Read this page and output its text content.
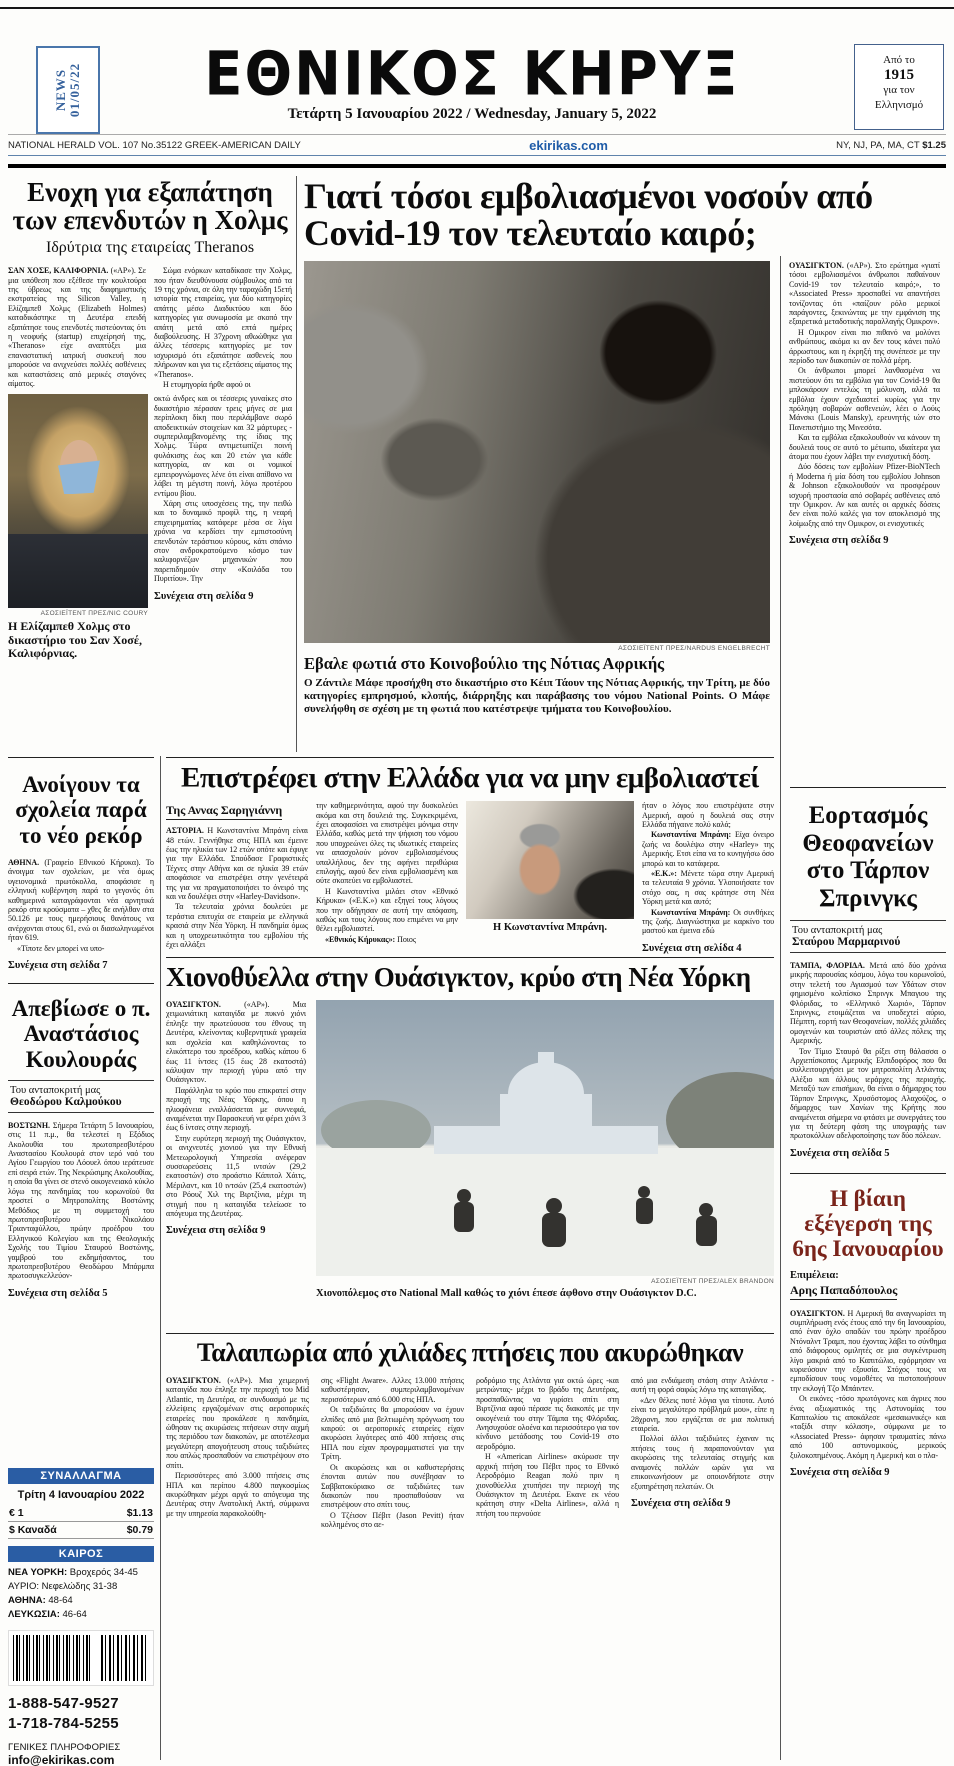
NEWS 01/05/22	ΕΘΝΙΚΟΣ ΚΗΡΥΞ
Τετάρτη 5 Ιανουαρίου 2022 / Wednesday, January 5, 2022
Από το
1915
για τον
Ελληνισμό
NATIONAL HERALD VOL. 107 No.35122 GREEK-AMERICAN DAILY	ekirikas.com	NY, NJ, PA, MA, CT $1.25
Ενοχη για εξαπάτηση των επενδυτών η Χολμς
Ιδρύτρια της εταιρείας Theranos

ΣΑΝ ΧΟΣΕ, ΚΑΛΙΦΟΡΝΙΑ. («ΑΡ»). Σε μια υπόθεση που εξέθεσε την κουλτούρα της ύβρεως και της διαφημιστικής εκστρατείας της Silicon Valley, η Ελίζαμπεθ Χολμς (Elizabeth Holmes) καταδικάστηκε τη Δευτέρα επειδή εξαπάτησε τους επενδυτές πιστεύοντας ότι η νεοφυής (startup) επιχείρησή της, «Theranos» είχε αναπτύξει μια επαναστατική ιατρική συσκευή που μπορούσε να ανιχνεύσει πολλές ασθένειες και καταστάσεις από μερικές σταγόνες αίματος.

Σώμα ενόρκων καταδίκασε την Χολμς, που ήταν διευθύνουσα σύμβουλος από τα 19 της χρόνια, σε όλη την ταραχώδη 15ετή ιστορία της εταιρείας, για δύο κατηγορίες απάτης μέσω Διαδικτύου και δύο κατηγορίες για συνωμοσία με σκοπό την απάτη μετά από επτά ημέρες διαβούλευσης. Η 37χρονη αθωώθηκε για άλλες τέσσερις κατηγορίες με τον ισχυρισμό ότι εξαπάτησε ασθενείς που πλήρωναν και για τις εξετάσεις αίματος της «Theranos».

Η ετυμηγορία ήρθε αφού οι

ΑΣΟΣΙΕΪΤΕΝΤ ΠΡΕΣ/NIC COURY
Η Ελίζαμπεθ Χολμς στο δικαστήριο του Σαν Χοσέ, Καλιφόρνιας.

οκτώ άνδρες και οι τέσσερις γυναίκες στο δικαστήριο πέρασαν τρεις μήνες σε μια περίπλοκη δίκη που περιλάμβανε σωρό αποδεικτικών στοιχείων και 32 μάρτυρες - συμπεριλαμβανομένης της ίδιας της Χολμς. Τώρα αντιμετωπίζει ποινή φυλάκισης έως και 20 ετών για κάθε κατηγορία, αν και οι νομικοί εμπειρογνώμονες λένε ότι είναι απίθανο να λάβει τη μέγιστη ποινή, λόγω προτέρου εντίμου βίου.

Χάρη στις υποσχέσεις της, την πειθώ και το δυναμικό προφίλ της, η νεαρή επιχειρηματίας κατάφερε μέσα σε λίγα χρόνια να κερδίσει την εμπιστοσύνη επενδυτών τεράστιου κύρους, κάτι σπάνιο στον ανδροκρατούμενο κόσμο των καλιφορνέζων μηχανικών που παρεπιδημούν στην «Κοιλάδα του Πυριτίου». Την

Συνέχεια στη σελίδα 9
Γιατί τόσοι εμβολιασμένοι νοσούν από Covid-19 τον τελευταίο καιρό;
ΑΣΟΣΙΕΪΤΕΝΤ ΠΡΕΣ/NARDUS ENGELBRECHT
Εβαλε φωτιά στο Κοινοβούλιο της Νότιας Αφρικής
Ο Ζάντιλε Μάφε προσήχθη στο δικαστήριο στο Κέιπ Τάουν της Νότιας Αφρικής, την Τρίτη, με δύο κατηγορίες εμπρησμού, κλοπής, διάρρηξης και παράβασης του νόμου National Points. Ο Μάφε συνελήφθη σε σχέση με τη φωτιά που κατέστρεψε τμήματα του Κοινοβουλίου.

ΟΥΑΣΙΓΚΤΟΝ. («ΑΡ»). Στο ερώτημα «γιατί τόσοι εμβολιασμένοι άνθρωποι παθαίνουν Covid-19 τον τελευταίο καιρό;», το «Associated Press» προσπαθεί να απαντήσει τονίζοντας ότι «παίζουν ρόλο μερικοί παράγοντες, ξεκινώντας με την εμφάνιση της εξαιρετικά μεταδοτικής παραλλαγής Ομικρον».

Η Ομικρον είναι πιο πιθανό να μολύνει ανθρώπους, ακόμα κι αν δεν τους κάνει πολύ άρρωστους, και η έκρηξή της συνέπεσε με την περίοδο των διακοπών σε πολλά μέρη.

Οι άνθρωποι μπορεί λανθασμένα να πιστεύουν ότι τα εμβόλια για τον Covid-19 θα μπλοκάρουν εντελώς τη μόλυνση, αλλά τα εμβόλια έχουν σχεδιαστεί κυρίως για την πρόληψη σοβαρών ασθενειών, λέει ο Λούις Μάνσκι (Louis Mansky), ερευνητής ιών στο Πανεπιστήμιο της Μινεσότα.

Και τα εμβόλια εξακολουθούν να κάνουν τη δουλειά τους σε αυτό το μέτωπο, ιδιαίτερα για άτομα που έχουν λάβει την ενισχυτική δόση.

Δύο δόσεις των εμβολίων Pfizer-BioNTech ή Moderna ή μία δόση του εμβολίου Johnson & Johnson εξακολουθούν να προσφέρουν ισχυρή προστασία από σοβαρές ασθένειες από την Ομικρον. Αν και αυτές οι αρχικές δόσεις δεν είναι πολύ καλές για τον αποκλεισμό της λοίμωξης από την Ομικρον, οι ενισχυτικές

Συνέχεια στη σελίδα 9
Επιστρέφει στην Ελλάδα για να μην εμβολιαστεί
Της Αννας Σαρηγιάννη

ΑΣΤΟΡΙΑ. Η Κωνσταντίνα Μπράνη είναι 48 ετών. Γεννήθηκε στις ΗΠΑ και έμεινε έως την ηλικία των 12 ετών οπότε και έφυγε για την Ελλάδα. Σπούδασε Γραφιστικές Τέχνες στην Αθήνα και σε ηλικία 39 ετών αποφάσισε να επιστρέψει στην γενέτειρά της για να πραγματοποιήσει το όνειρό της και να δουλέψει στην «Harley-Davidson».

Τα τελευταία χρόνια δουλεύει με τεράστια επιτυχία σε εταιρεία με ελληνικά κρασιά στην Νέα Υόρκη. Η πανδημία όμως και η υποχρεωτικότητα του εμβολίου τής έχει αλλάξει

την καθημερινότητα, αφού την δυσκολεύει ακόμα και στη δουλειά της. Συγκεκριμένα, έχει αποφασίσει να επιστρέψει μόνιμα στην Ελλάδα, καθώς μετά την ψήφιση του νόμου που υποχρεώνει όλες τις ιδιωτικές εταιρείες να απασχολούν μόνον εμβολιασμένους υπαλλήλους, δεν της αφήνει περιθώρια επιλογής, αφού δεν είναι εμβολιασμένη και ούτε σκοπεύει να εμβολιαστεί.

Η Κωνσταντίνα μιλάει στον «Εθνικό Κήρυκα» («Ε.Κ.») και εξηγεί τους λόγους που την οδήγησαν σε αυτή την απόφαση, καθώς και τους λόγους που επιμένει να μην θέλει εμβολιαστεί.

«Εθνικός Κήρυκας»: Ποιος

Η Κωνσταντίνα Μπράνη.

ήταν ο λόγος που επιστρέψατε στην Αμερική, αφού η δουλειά σας στην Ελλάδα πήγαινε πολύ καλά;

Κωνσταντίνα Μπράνη: Είχα όνειρο ζωής να δουλέψω στην «Harley» της Αμερικής. Ετσι είπα να το κυνηγήσω όσο μπορώ και το κατάφερα.

«Ε.Κ.»: Μένετε τώρα στην Αμερική τα τελευταία 9 χρόνια. Υλοποιήσατε τον στόχο σας, η σας κράτησε στη Νέα Υόρκη μετά και αυτό;

Κωνσταντίνα Μπράνη: Οι συνθήκες της ζωής. Διαγνώστηκα με καρκίνο του μαστού και έμεινα εδώ

Συνέχεια στη σελίδα 4
Ανοίγουν τα σχολεία παρά το νέο ρεκόρ

ΑΘΗΝΑ. (Γραφείο Εθνικού Κήρυκα). Το άνοιγμα των σχολείων, με νέα όμως υγειονομικά πρωτόκολλα, αποφάσισε η ελληνική κυβέρνηση παρά το γεγονός ότι καθημερινά καταγράφονται νέα αρνητικά ρεκόρ στα κρούσματα – χθες δε ανήλθαν στα 50.126 με τους ημερήσιους θανάτους να ανέρχονται στους 61, ενώ οι διασωληνωμένοι ήταν 619.

«Τίποτε δεν μπορεί να υπο-

Συνέχεια στη σελίδα 7
Απεβίωσε ο π. Αναστάσιος Κουλουράς
Του ανταποκριτή μας
Θεοδώρου Καλμούκου

ΒΟΣΤΩΝΗ. Σήμερα Τετάρτη 5 Ιανουαρίου, στις 11 π.μ., θα τελεστεί η Εξόδιος Ακολουθία του πρωτοπρεσβυτέρου Αναστασίου Κουλουρά στον ιερό ναό του Αγίου Γεωργίου του Λόουελ όπου ιεράτευσε επί σειρά ετών. Της Νεκρώσιμης Ακολουθίας, η οποία θα γίνει σε στενό οικογενειακό κύκλο λόγω της πανδημίας του κορωνοϊού θα προστεί ο Μητροπολίτης Βοστώνης Μεθόδιος με τη συμμετοχή του πρωτοπρεσβυτέρου Νικολάου Τριανταφύλλου, πρώην προέδρου του Ελληνικού Κολεγίου και της Θεολογικής Σχολής του Τιμίου Σταυρού Βοστώνης, γαμβρού του εκδημήσαντος, του πρωτοπρεσβυτέρου Θεοδώρου Μπάρμπα πρωτοσυγκελλεύον-

Συνέχεια στη σελίδα 5
ΣΥΝΑΛΛΑΓΜΑ
Τρίτη 4 Ιανουαρίου 2022
€ 1	$1.13
$ Καναδά	$0.79
ΚΑΙΡΟΣ
ΝΕΑ ΥΟΡΚΗ: Βροχερός 34-45
ΑΥΡΙΟ: Νεφελώδης 31-38
ΑΘΗΝΑ: 48-64
ΛΕΥΚΩΣΙΑ: 46-64
1-888-547-9527
1-718-784-5255
ΓΕΝΙΚΕΣ ΠΛΗΡΟΦΟΡΙΕΣ
info@ekirikas.com
Εορτασμός Θεοφανείων στο Τάρπον Σπρινγκς
Του ανταποκριτή μας
Σταύρου Μαρμαρινού

ΤΑΜΠΑ, ΦΛΟΡΙΔΑ. Μετά από δύο χρόνια μικρής παρουσίας κόσμου, λόγω του κορωνοϊού, στην τελετή του Αγιασμού των Υδάτων στον φημισμένο κολπίσκο Σπρινγκ Μπαγιου της Φλόριδας, το «Ελληνικό Χωριό», Τάρπον Σπρινγκς, ετοιμάζεται να υποδεχτεί αύριο, Πέμπτη, εορτή των Θεοφανείων, πολλές χιλιάδες ομογενών και τουριστών από άλλες πόλεις της Αμερικής.

Τον Τίμιο Σταυρό θα ρίξει στη θάλασσα ο Αρχιεπίσκοπος Αμερικής Ελπιδοφόρος που θα συλλειτουργήσει με τον μητροπολίτη Ατλάντας Αλέξιο και άλλους ιεράρχες της περιοχής. Μεταξύ των επισήμων, θα είναι ο δήμαρχος του Τάρπον Σπρινγκς, Χρυσόστομος Αλαχούζος, ο δήμαρχος των Χανίων της Κρήτης που αναμένεται σήμερα να φτάσει με συνεργάτες του για τη δεύτερη φάση της υπογραφής των πρωτοκόλλων αδελφοποίησης των δύο πόλεων.

Συνέχεια στη σελίδα 5
Η βίαιη εξέγερση της 6ης Ιανουαρίου
Επιμέλεια:
Αρης Παπαδόπουλος

ΟΥΑΣΙΓΚΤΟΝ. Η Αμερική θα αναγνωρίσει τη συμπλήρωση ενός έτους από την 6η Ιανουαρίου, από έναν όχλο οπαδών του πρώην προέδρου Ντόναλντ Τραμπ, που έχοντας λάβει το σύνθημα από διάφορους ομιλητές σε μια συγκέντρωση λίγο μακριά από το Καπιτώλιο, εφόρμησαν να κυριεύσουν την εξουσία. Στόχος τους να εμποδίσουν τους νομοθέτες να πιστοποιήσουν την εκλογή Τζο Μπάιντεν.

Οι εικόνες -τόσο πρωτόγονες και άγριες που ένας αξιωματικός της Αστυνομίας του Καπιτωλίου τις αποκάλεσε «μεσαιωνικές» και «ταξίδι στην κόλαση», σύμφωνα με το «Associated Press»- άφησαν τραυματίες πάνω από 100 αστυνομικούς, μερικούς ξυλοκοπημένους. Ακόμη η Αμερική και ο πλα-

Συνέχεια στη σελίδα 9
Χιονοθύελλα στην Ουάσιγκτον, κρύο στη Νέα Υόρκη

ΟΥΑΣΙΓΚΤΟΝ.	(«ΑΡ»). Μια χειμωνιάτικη καταιγίδα με πυκνό χιόνι έπληξε την πρωτεύουσα του έθνους τη Δευτέρα, κλείνοντας κυβερνητικά γραφεία και σχολεία και καθηλώνοντας το ελικόπτερο του προέδρου, καθώς κάπου 6 έως 11 ίντσες (15 έως 28 εκατοστά) κάλυψαν την περιοχή γύρω από την Ουάσιγκτον.

Παράλληλα το κρύο που επικρατεί στην περιοχή της Νέας Υόρκης, όπου η ηλιοφάνεια εναλλάσσεται με συννεφιά, αναμένεται την Παρασκευή να φέρει χιόνι 3 έως 6 ίντσες στην περιοχή.

Στην ευρύτερη περιοχή της Ουάσιγκτον, οι ανιχνευτές χιονιού για την Εθνική Μετεωρολογική Υπηρεσία ανέφεραν συσσωρεύσεις 11,5 ιντσών (29,2 εκατοστών) στο προάστιο Κάπιτολ Χάιτς, Μέριλαντ, και 10 ιντσών (25,4 εκατοστών) στο Ρόουζ Χιλ της Βιρτζίνια, μέχρι τη στιγμή που η καταιγίδα τελείωσε το απόγευμα της Δευτέρας.

Συνέχεια στη σελίδα 9
ΑΣΟΣΙΕΪΤΕΝΤ ΠΡΕΣ/ALEX BRANDON
Χιονοπόλεμος στο National Mall καθώς το χιόνι έπεσε άφθονο στην Ουάσιγκτον D.C.
Ταλαιπωρία από χιλιάδες πτήσεις που ακυρώθηκαν

ΟΥΑΣΙΓΚΤΟΝ. («ΑΡ»). Μια χειμερινή καταιγίδα που έπληξε την περιοχή του Mid Atlantic, τη Δευτέρα, σε συνδυασμό με τις ελλείψεις εργαζομένων στις αεροπορικές εταιρείες που προκάλεσε η πανδημία, ώθησαν τις ακυρώσεις πτήσεων στην αιχμή της περιόδου των διακοπών, με αποτέλεσμα μεγαλύτερη απογοήτευση στους ταξιδιώτες που απλώς προσπαθούν να επιστρέψουν στο σπίτι.

Περισσότερες από 3.000 πτήσεις στις ΗΠΑ και περίπου 4.800 παγκοσμίως ακυρώθηκαν μέχρι αργά το απόγευμα της Δευτέρας στην Ανατολική Ακτή, σύμφωνα με την υπηρεσία παρακολούθη-

σης «Flight Aware». Αλλες 13.000 πτήσεις καθυστέρησαν, συμπεριλαμβανομένων περισσότερων από 6.000 στις ΗΠΑ.

Οι ταξιδιώτες θα μπορούσαν να έχουν ελπίδες από μια βελτιωμένη πρόγνωση του καιρού: οι αεροπορικές εταιρείες είχαν ακυρώσει λιγότερες από 400 πτήσεις στις ΗΠΑ που είχαν προγραμματιστεί για την Τρίτη.

Οι ακυρώσεις και οι καθυστερήσεις έπονται αυτών που συνέβησαν το Σαββατοκύριακο σε ταξιδιώτες των διακοπών που προσπαθούσαν να επιστρέψουν στο σπίτι τους.

Ο Τζέισον Πέβιτ (Jason Pevitt) ήταν κολλημένος στο αε-

ροδρόμιο της Ατλάντα για οκτώ ώρες -και μετρώντας- μέχρι το βράδυ της Δευτέρας, προσπαθώντας να γυρίσει σπίτι στη Βιρτζίνια αφού πέρασε τις διακοπές με την οικογένειά του στην Τάμπα της Φλόριδας. Ανησυχούσε ολοένα και περισσότερο για τον κίνδυνο μετάδοσης του Covid-19 στο αεροδρόμιο.

Η «American Airlines» ακύρωσε την αρχική πτήση του Πέβιτ προς το Εθνικό Αεροδρόμιο Reagan πολύ πριν η χιονοθύελλα χτυπήσει την περιοχή της Ουάσιγκτον τη Δευτέρα. Εκανε εκ νέου κράτηση στην «Delta Airlines», αλλά η πτήση του περνούσε

από μια ενδιάμεση στάση στην Ατλάντα - αυτή τη φορά σαφώς λόγω της καταιγίδας.

«Δεν θέλεις ποτέ λόγια για τίποτα. Αυτό είναι το μεγαλύτερο πρόβλημά μου», είπε η 28χρονη, που εργάζεται σε μια πολιτική εταιρεία.

Πολλοί άλλοι ταξιδιώτες έχαναν τις πτήσεις τους ή παραπονούνταν για ακυρώσεις της τελευταίας στιγμής και αναμονές πολλών ωρών για να επικοινωνήσουν με οποιονδήποτε στην εξυπηρέτηση πελατών. Οι

Συνέχεια στη σελίδα 9
